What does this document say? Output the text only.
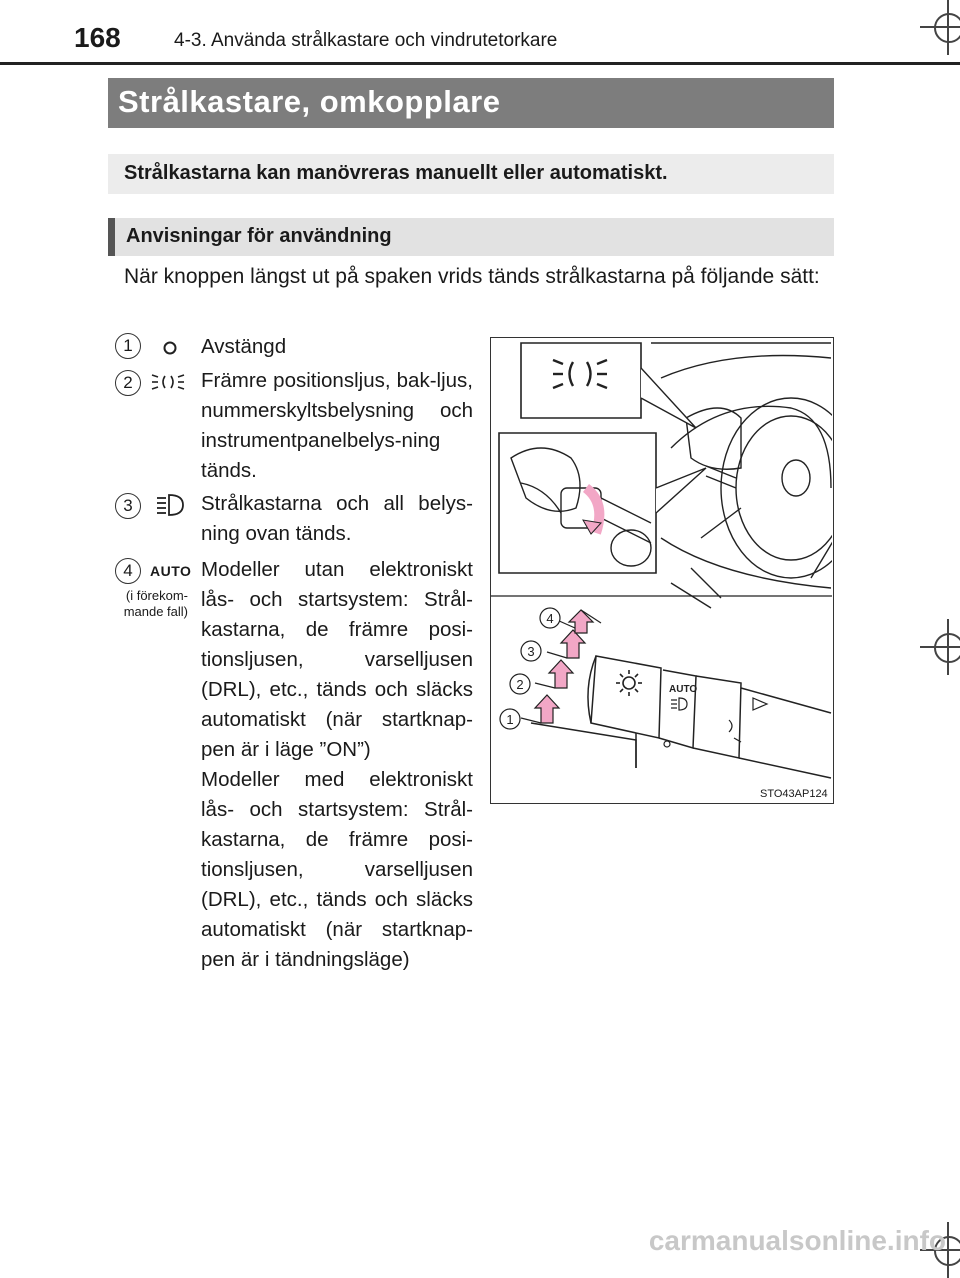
168	4-3. Använda strålkastare och vindrutetorkare
Strålkastare, omkopplare
Strålkastarna kan manövreras manuellt eller automatiskt.
Anvisningar för användning
När knoppen längst ut på spaken vrids tänds strålkastarna på följande sätt:
1	Avstängd
2	Främre positionsljus, bak-ljus, nummerskyltsbelysning och instrumentpanelbelys-ning tänds.
3	Strålkastarna och all belys-ning ovan tänds.
4	AUTO
(i förekom-mande fall)
Modeller utan elektroniskt lås- och startsystem: Strål-kastarna, de främre posi-tionsljusen, varselljusen (DRL), etc., tänds och släcks automatiskt (när startknap-pen är i läge ”ON”)
Modeller med elektroniskt lås- och startsystem: Strål-kastarna, de främre posi-tionsljusen, varselljusen (DRL), etc., tänds och släcks automatiskt (när startknap-pen är i tändningsläge)
AUTO
1
2
3
4
STO43AP124
carmanualsonline.info
